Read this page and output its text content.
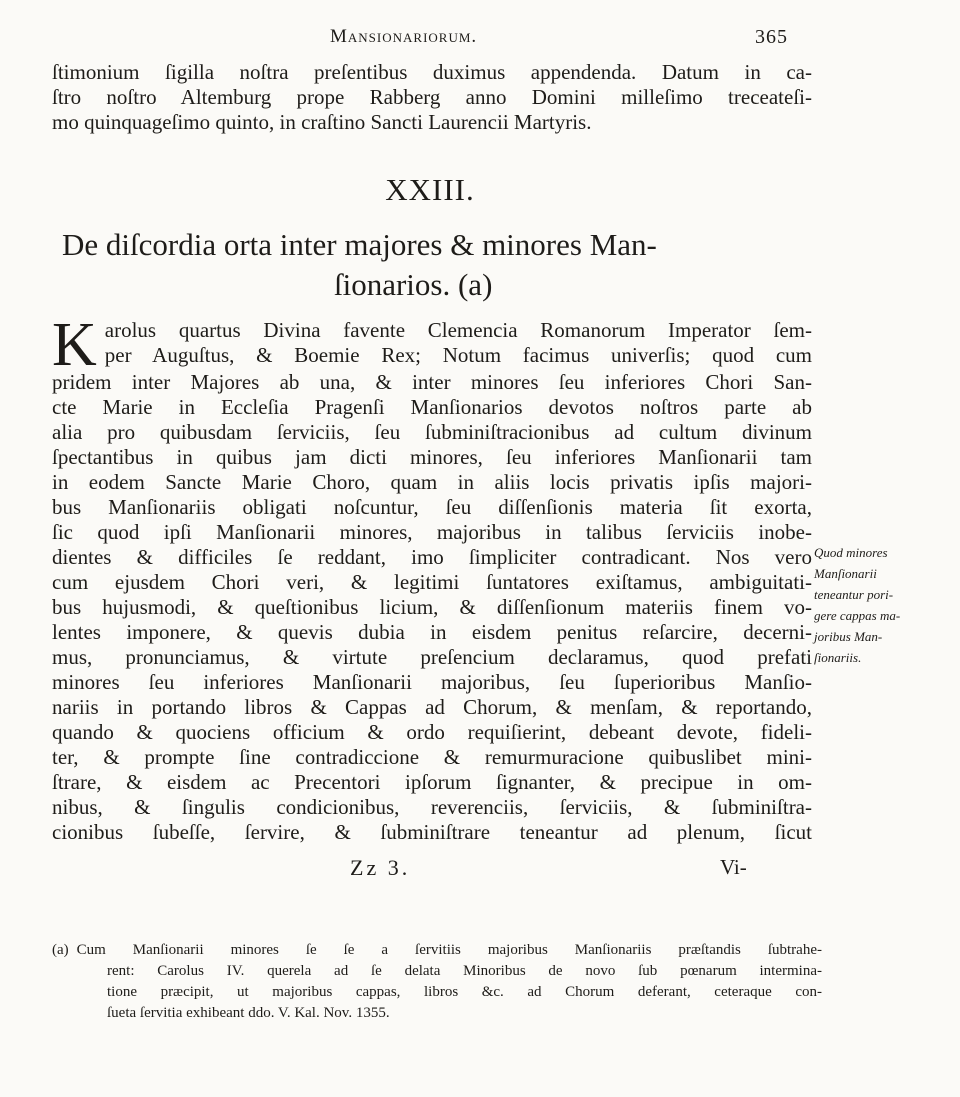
Mansionariorum.	365
ſtimonium ſigilla noſtra preſentibus duximus appendenda. Datum in ca-
ſtro noſtro Altemburg prope Rabberg anno Domini milleſimo treceateſi-
mo quinquageſimo quinto, in craſtino Sancti Laurencii Martyris.
XXIII.
De diſcordia orta inter majores & minores Man-
ſionarios. (a)
K arolus quartus Divina favente Clemencia Romanorum Imperator ſem-
per Auguſtus, & Boemie Rex; Notum facimus univerſis; quod cum
pridem inter Majores ab una, & inter minores ſeu inferiores Chori San-
cte Marie in Eccleſia Pragenſi Manſionarios devotos noſtros parte ab
alia pro quibusdam ſerviciis, ſeu ſubminiſtracionibus ad cultum divinum
ſpectantibus in quibus jam dicti minores, ſeu inferiores Manſionarii tam
in eodem Sancte Marie Choro, quam in aliis locis privatis ipſis majori-
bus Manſionariis obligati noſcuntur, ſeu diſſenſionis materia ſit exorta,
ſic quod ipſi Manſionarii minores, majoribus in talibus ſerviciis inobe-
dientes & difficiles ſe reddant, imo ſimpliciter contradicant. Nos vero
cum ejusdem Chori veri, & legitimi ſuntatores exiſtamus, ambiguitati-
bus hujusmodi, & queſtionibus licium, & diſſenſionum materiis finem vo-
lentes imponere, & quevis dubia in eisdem penitus reſarcire, decerni-
mus, pronunciamus, & virtute preſencium declaramus, quod prefati
minores ſeu inferiores Manſionarii majoribus, ſeu ſuperioribus Manſio-
nariis in portando libros & Cappas ad Chorum, & menſam, & reportando,
quando & quociens officium & ordo requiſierint, debeant devote, fideli-
ter, & prompte ſine contradiccione & remurmuracione quibuslibet mini-
ſtrare, & eisdem ac Precentori ipſorum ſignanter, & precipue in om-
nibus, & ſingulis condicionibus, reverenciis, ſerviciis, & ſubminiſtra-
cionibus ſubeſſe, ſervire, & ſubminiſtrare teneantur ad plenum, ſicut
Quod minores
Manſionarii
teneantur pori-
gere cappas ma-
joribus Man-
ſionariis.
Zz 3.	Vi-
(a) Cum Manſionarii minores ſe ſe a ſervitiis majoribus Manſionariis præſtandis ſubtrahe-
rent: Carolus IV. querela ad ſe delata Minoribus de novo ſub pœnarum intermina-
tione præcipit, ut majoribus cappas, libros &c. ad Chorum deferant, ceteraque con-
ſueta ſervitia exhibeant ddo. V. Kal. Nov. 1355.
